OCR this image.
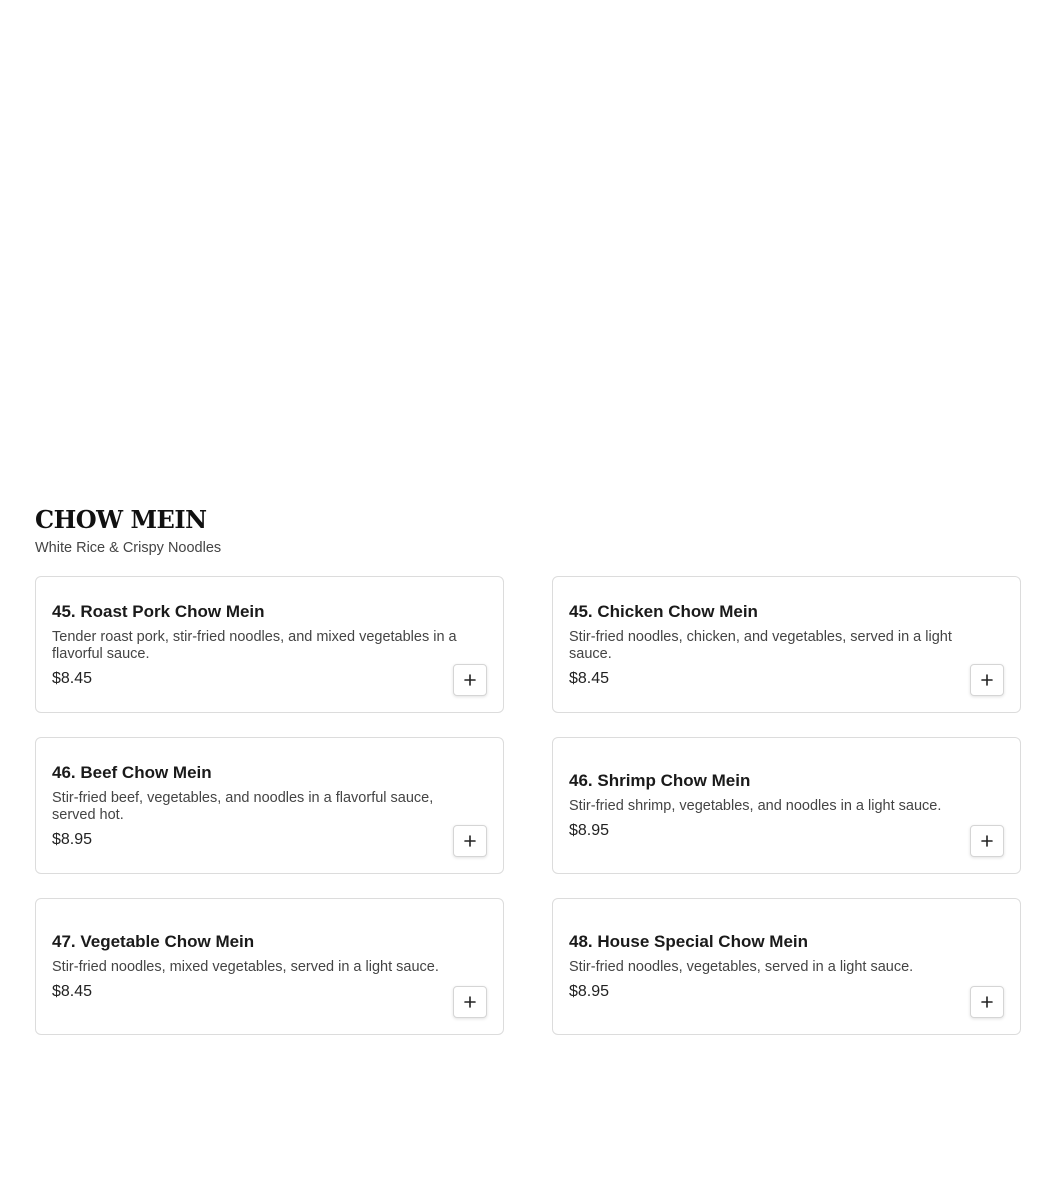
CHOW MEIN
White Rice & Crispy Noodles
45. Roast Pork Chow Mein
Tender roast pork, stir-fried noodles, and mixed vegetables in a flavorful sauce.
$8.45
45. Chicken Chow Mein
Stir-fried noodles, chicken, and vegetables, served in a light sauce.
$8.45
46. Beef Chow Mein
Stir-fried beef, vegetables, and noodles in a flavorful sauce, served hot.
$8.95
46. Shrimp Chow Mein
Stir-fried shrimp, vegetables, and noodles in a light sauce.
$8.95
47. Vegetable Chow Mein
Stir-fried noodles, mixed vegetables, served in a light sauce.
$8.45
48. House Special Chow Mein
Stir-fried noodles, vegetables, served in a light sauce.
$8.95
